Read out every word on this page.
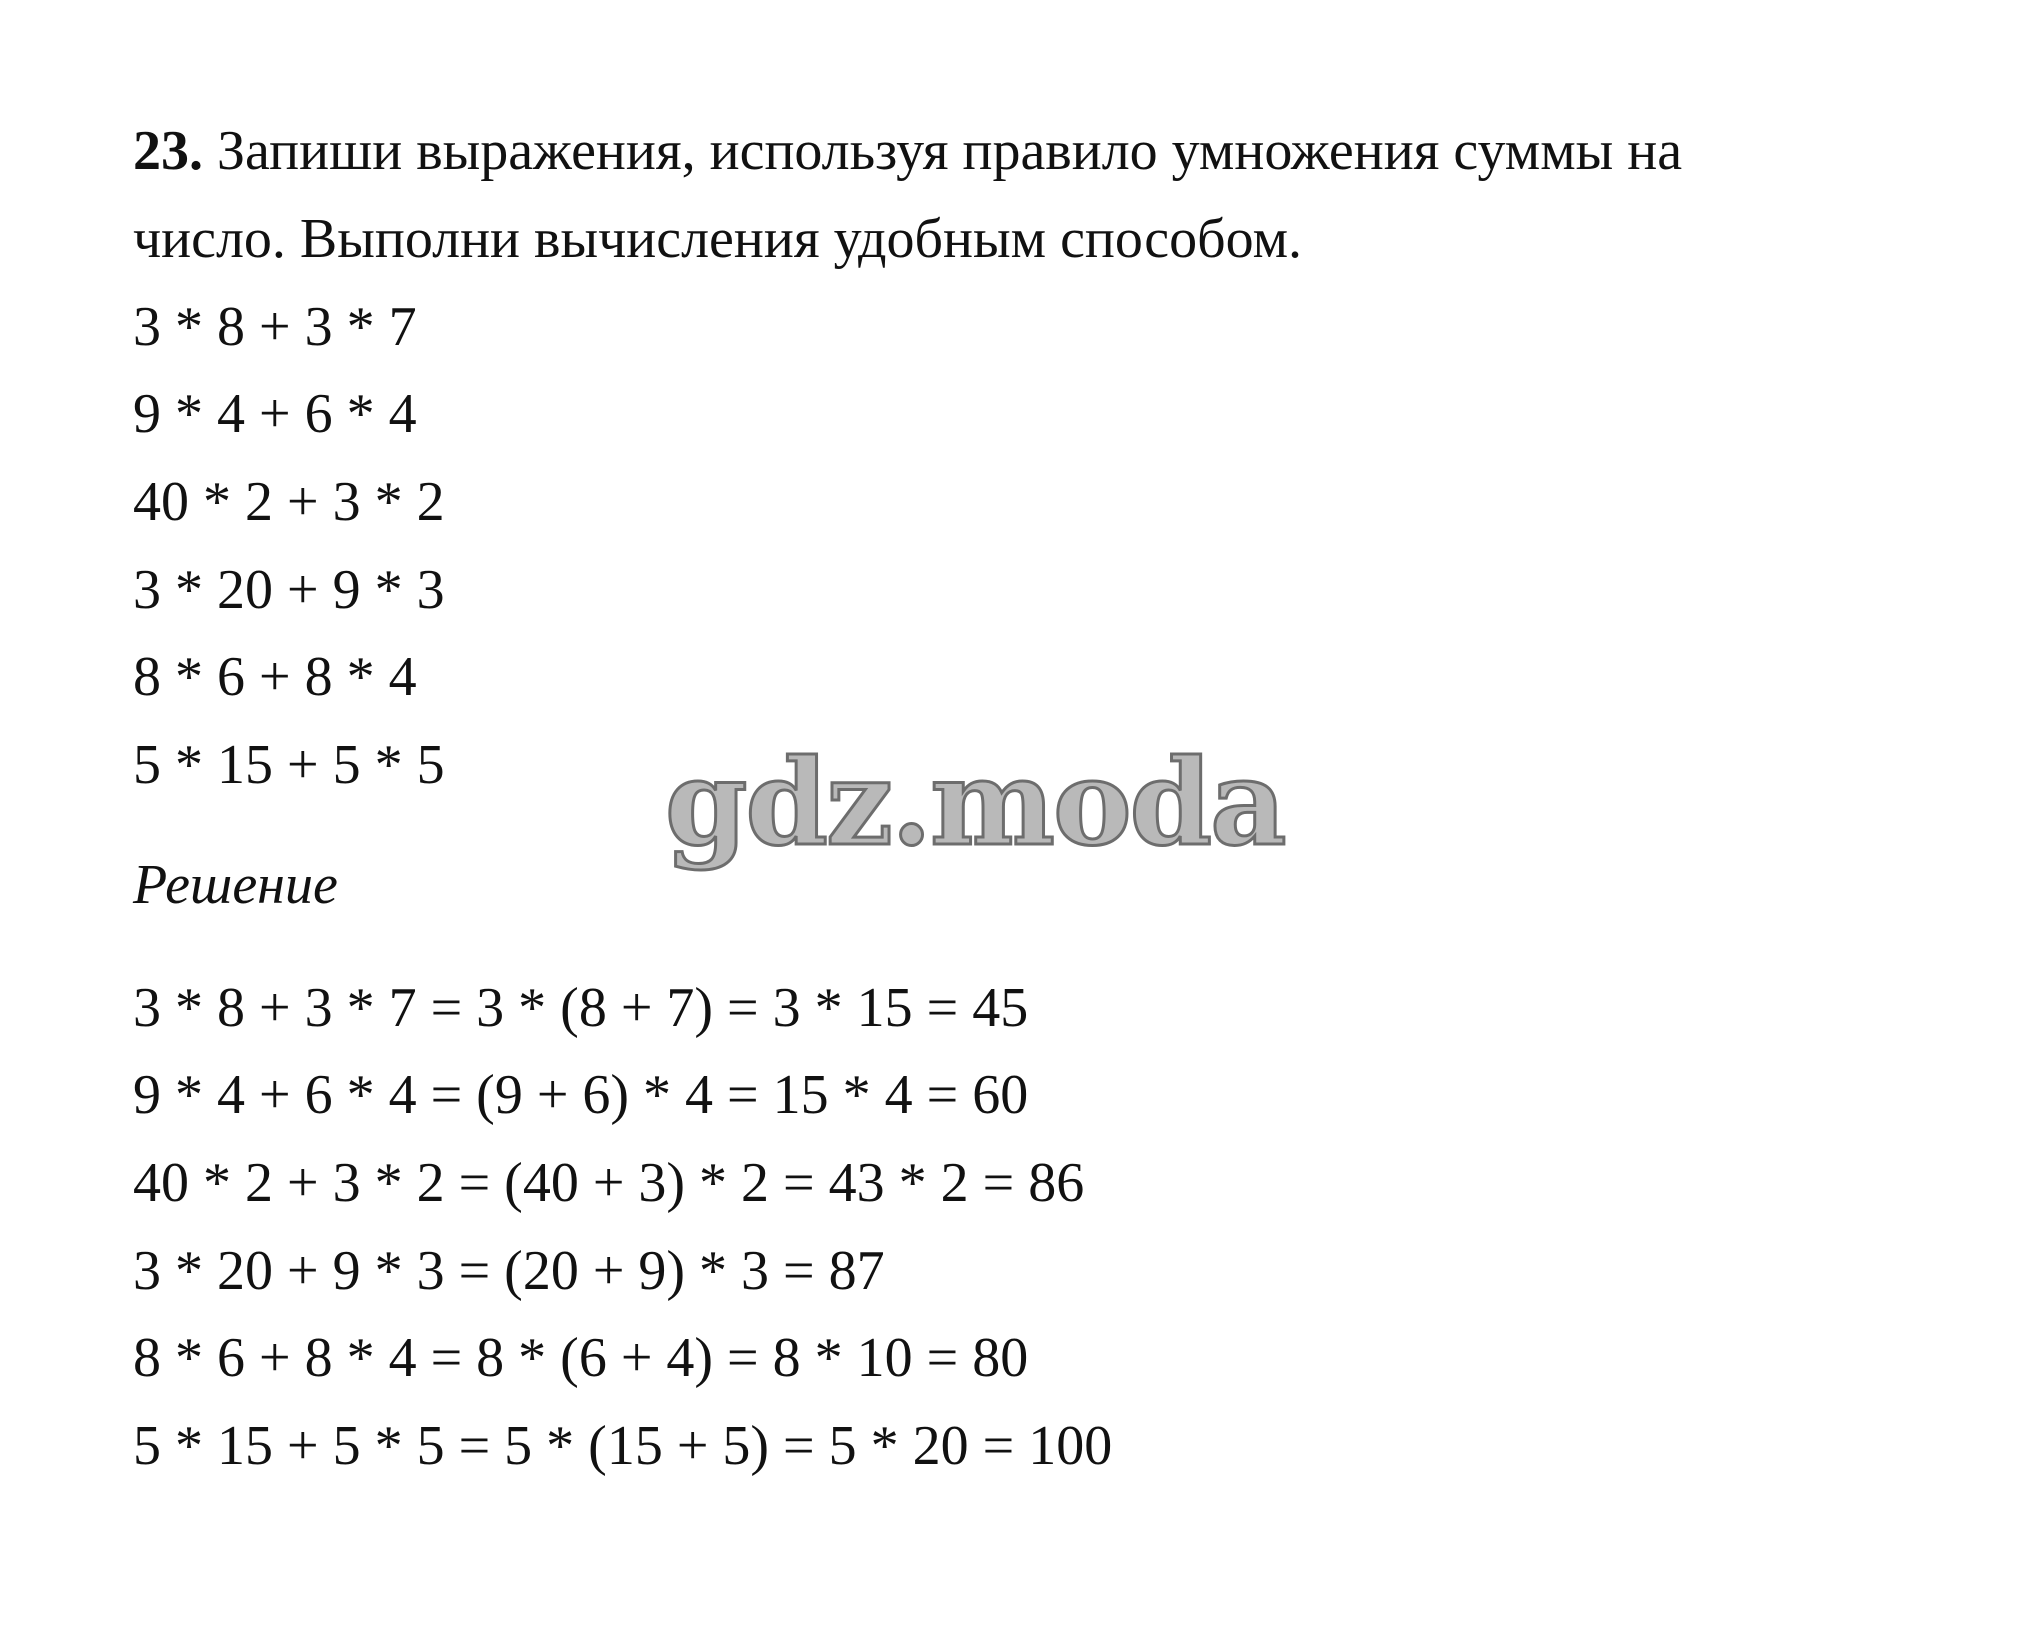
23. Запиши выражения, используя правило умножения суммы на
число. Выполни вычисления удобным способом.
3 * 8 + 3 * 7
9 * 4 + 6 * 4
40 * 2 + 3 * 2
3 * 20 + 9 * 3
8 * 6 + 8 * 4
5 * 15 + 5 * 5 gdz.moda
Решение
3 * 8 + 3 * 7 = 3 * (8 + 7) = 3 * 15 = 45
9 * 4 + 6 * 4 = (9 + 6) * 4 = 15 * 4 = 60
40 * 2 + 3 * 2 = (40 + 3) * 2 = 43 * 2 = 86
3 * 20 + 9 * 3 = (20 + 9) * 3 = 87
8 * 6 + 8 * 4 = 8 * (6 + 4) = 8 * 10 = 80
5 * 15 + 5 * 5 = 5 * (15 + 5) = 5 * 20 = 100
